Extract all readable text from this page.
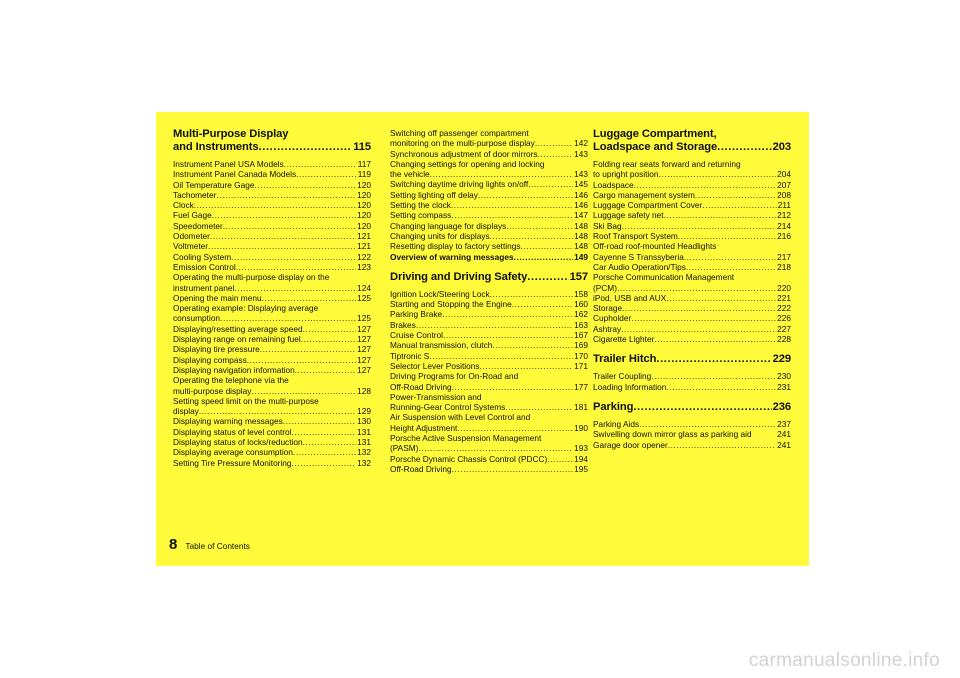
Multi-Purpose Display
and Instruments .....	115
Instrument Panel USA Models .....	117
Instrument Panel Canada Models .....	119
Oil Temperature Gage .....	120
Tachometer .....	120
Clock .....	120
Fuel Gage .....	120
Speedometer .....	120
Odometer .....	121
Voltmeter .....	121
Cooling System .....	122
Emission Control .....	123
Operating the multi-purpose display on the
instrument panel .....	124
Opening the main menu .....	125
Operating example: Displaying average
consumption .....	125
Displaying/resetting average speed .....	127
Displaying range on remaining fuel .....	127
Displaying tire pressure .....	127
Displaying compass .....	127
Displaying navigation information .....	127
Operating the telephone via the
multi-purpose display .....	128
Setting speed limit on the multi-purpose
display .....	129
Displaying warning messages .....	130
Displaying status of level control .....	131
Displaying status of locks/reduction .....	131
Displaying average consumption .....	132
Setting Tire Pressure Monitoring .....	132
Switching off passenger compartment
monitoring on the multi-purpose display .....	142
Synchronous adjustment of door mirrors .....	143
Changing settings for opening and locking
the vehicle .....	143
Switching daytime driving lights on/off .....	145
Setting lighting off delay .....	146
Setting the clock .....	146
Setting compass .....	147
Changing language for displays .....	148
Changing units for displays .....	148
Resetting display to factory settings .....	148
Overview of warning messages .....	149
Driving and Driving Safety .....	157
Ignition Lock/Steering Lock .....	158
Starting and Stopping the Engine .....	160
Parking Brake .....	162
Brakes .....	163
Cruise Control .....	167
Manual transmission, clutch .....	169
Tiptronic S .....	170
Selector Lever Positions .....	171
Driving Programs for On-Road and
Off-Road Driving .....	177
Power-Transmission and
Running-Gear Control Systems .....	181
Air Suspension with Level Control and
Height Adjustment .....	190
Porsche Active Suspension Management
(PASM) .....	193
Porsche Dynamic Chassis Control (PDCC) .....	194
Off-Road Driving .....	195
Luggage Compartment,
Loadspace and Storage .....	203
Folding rear seats forward and returning
to upright position .....	204
Loadspace .....	207
Cargo management system .....	208
Luggage Compartment Cover .....	211
Luggage safety net .....	212
Ski Bag .....	214
Roof Transport System .....	216
Off-road roof-mounted Headlights
Cayenne S Transsyberia .....	217
Car Audio Operation/Tips .....	218
Porsche Communication Management
(PCM) .....	220
iPod, USB and AUX .....	221
Storage .....	222
Cupholder .....	226
Ashtray .....	227
Cigarette Lighter .....	228
Trailer Hitch .....	229
Trailer Coupling .....	230
Loading Information .....	231
Parking .....	236
Parking Aids .....	237
Swivelling down mirror glass as parking aid	241
Garage door opener .....	241
8 Table of Contents
carmanualsonline.info
